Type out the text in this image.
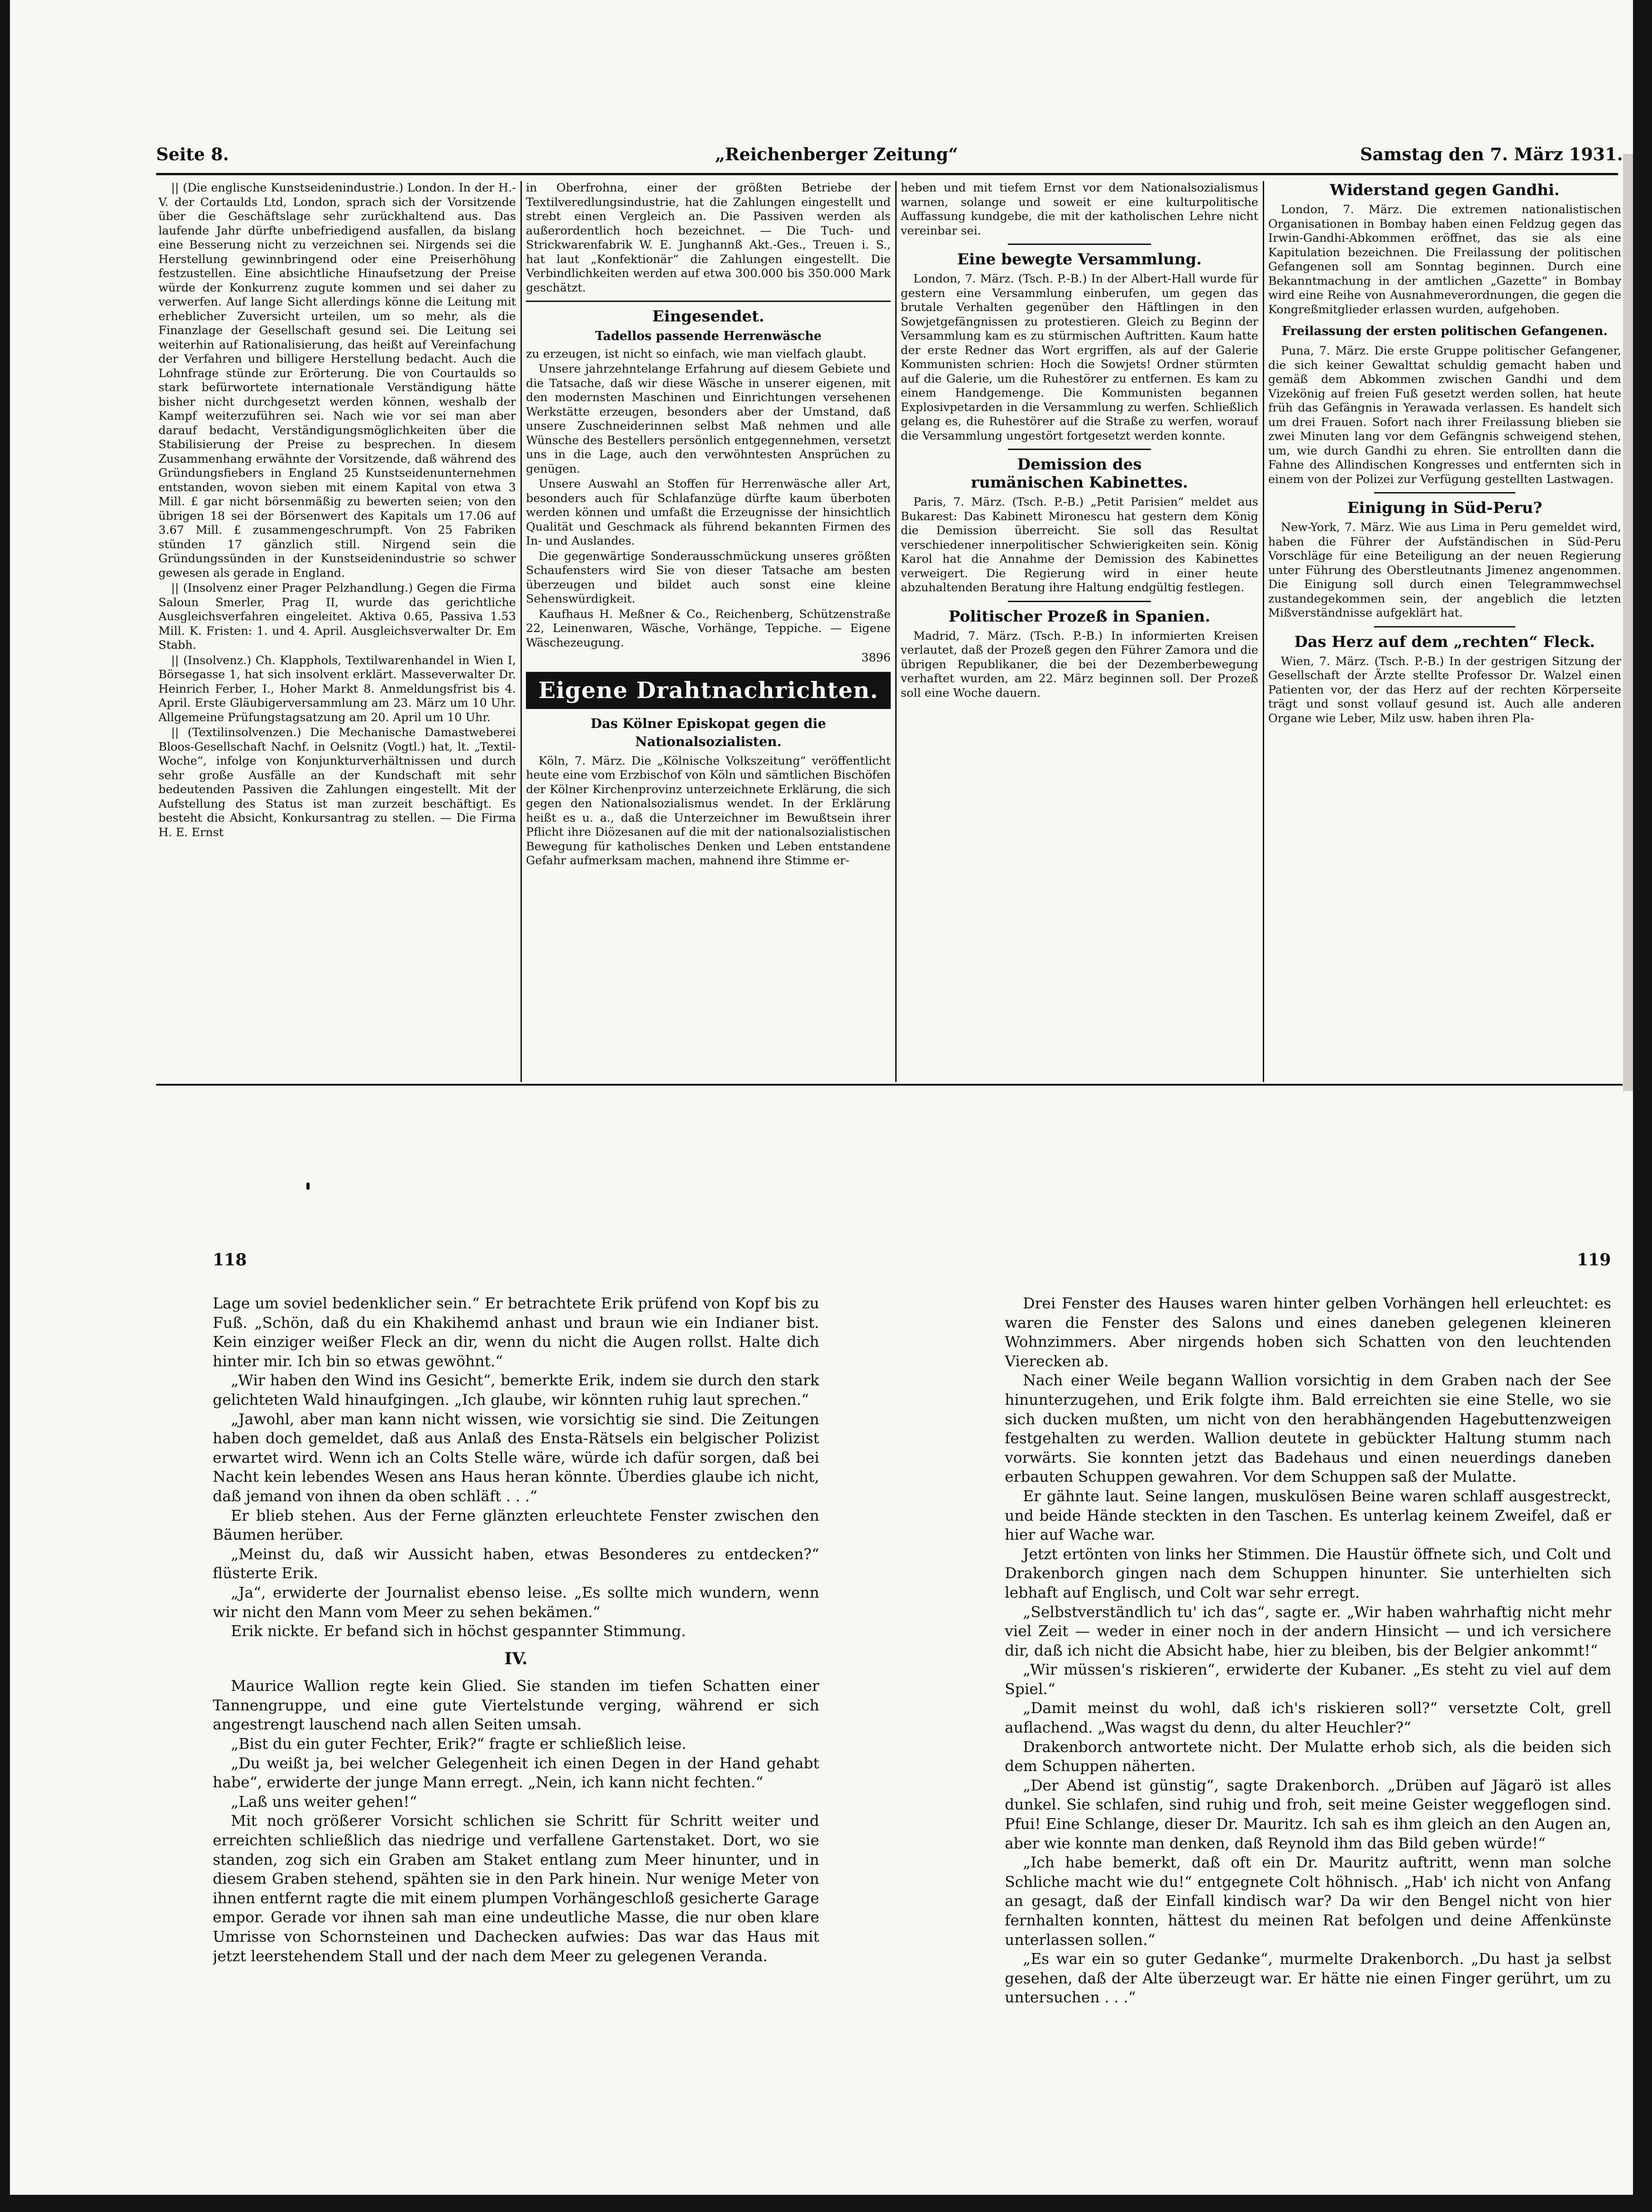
Seite 8.	„Reichenberger Zeitung“	Samstag den 7. März 1931.

|| (Die englische Kunstseidenindustrie.) London. In der H.-V. der Cortaulds Ltd, London, sprach sich der Vorsitzende über die Geschäftslage sehr zurückhaltend aus. Das laufende Jahr dürfte unbefriedigend ausfallen, da bislang eine Besserung nicht zu verzeichnen sei. Nirgends sei die Herstellung gewinnbringend oder eine Preiserhöhung festzustellen. Eine absichtliche Hinaufsetzung der Preise würde der Konkurrenz zugute kommen und sei daher zu verwerfen. Auf lange Sicht allerdings könne die Leitung mit erheblicher Zuversicht urteilen, um so mehr, als die Finanzlage der Gesellschaft gesund sei. Die Leitung sei weiterhin auf Rationalisierung, das heißt auf Vereinfachung der Verfahren und billigere Herstellung bedacht. Auch die Lohnfrage stünde zur Erörterung. Die von Courtaulds so stark befürwortete internationale Verständigung hätte bisher nicht durchgesetzt werden können, weshalb der Kampf weiterzuführen sei. Nach wie vor sei man aber darauf bedacht, Verständigungsmöglichkeiten über die Stabilisierung der Preise zu besprechen. In diesem Zusammenhang erwähnte der Vorsitzende, daß während des Gründungsfiebers in England 25 Kunstseidenunternehmen entstanden, wovon sieben mit einem Kapital von etwa 3 Mill. £ gar nicht börsenmäßig zu bewerten seien; von den übrigen 18 sei der Börsenwert des Kapitals um 17.06 auf 3.67 Mill. £ zusammengeschrumpft. Von 25 Fabriken stünden 17 gänzlich still. Nirgend sein die Gründungssünden in der Kunstseidenindustrie so schwer gewesen als gerade in England.

|| (Insolvenz einer Prager Pelzhandlung.) Gegen die Firma Saloun Smerler, Prag II, wurde das gerichtliche Ausgleichsverfahren eingeleitet. Aktiva 0.65, Passiva 1.53 Mill. K. Fristen: 1. und 4. April. Ausgleichsverwalter Dr. Em Stabh.

|| (Insolvenz.) Ch. Klapphols, Textilwarenhandel in Wien I, Börsegasse 1, hat sich insolvent erklärt. Masseverwalter Dr. Heinrich Ferber, I., Hoher Markt 8. Anmeldungsfrist bis 4. April. Erste Gläubigerversammlung am 23. März um 10 Uhr. Allgemeine Prüfungstagsatzung am 20. April um 10 Uhr.

|| (Textilinsolvenzen.) Die Mechanische Damastweberei Bloos-Gesellschaft Nachf. in Oelsnitz (Vogtl.) hat, lt. „Textil-Woche“, infolge von Konjunkturverhältnissen und durch sehr große Ausfälle an der Kundschaft mit sehr bedeutenden Passiven die Zahlungen eingestellt. Mit der Aufstellung des Status ist man zurzeit beschäftigt. Es besteht die Absicht, Konkursantrag zu stellen. — Die Firma H. E. Ernst

in Oberfrohna, einer der größten Betriebe der Textilveredlungsindustrie, hat die Zahlungen eingestellt und strebt einen Vergleich an. Die Passiven werden als außerordentlich hoch bezeichnet. — Die Tuch- und Strickwarenfabrik W. E. Junghannß Akt.-Ges., Treuen i. S., hat laut „Konfektionär“ die Zahlungen eingestellt. Die Verbindlichkeiten werden auf etwa 300.000 bis 350.000 Mark geschätzt.

Eingesendet.
Tadellos passende Herrenwäsche

zu erzeugen, ist nicht so einfach, wie man vielfach glaubt.

Unsere jahrzehntelange Erfahrung auf diesem Gebiete und die Tatsache, daß wir diese Wäsche in unserer eigenen, mit den modernsten Maschinen und Einrichtungen versehenen Werkstätte erzeugen, besonders aber der Umstand, daß unsere Zuschneiderinnen selbst Maß nehmen und alle Wünsche des Bestellers persönlich entgegennehmen, versetzt uns in die Lage, auch den verwöhntesten Ansprüchen zu genügen.

Unsere Auswahl an Stoffen für Herrenwäsche aller Art, besonders auch für Schlafanzüge dürfte kaum überboten werden können und umfaßt die Erzeugnisse der hinsichtlich Qualität und Geschmack als führend bekannten Firmen des In- und Auslandes.

Die gegenwärtige Sonderausschmückung unseres größten Schaufensters wird Sie von dieser Tatsache am besten überzeugen und bildet auch sonst eine kleine Sehenswürdigkeit.

Kaufhaus H. Meßner & Co., Reichenberg, Schützenstraße 22, Leinenwaren, Wäsche, Vorhänge, Teppiche. — Eigene Wäschezeugung.

3896
Eigene Drahtnachrichten.
Das Kölner Episkopat gegen die Nationalsozialisten.

Köln, 7. März. Die „Kölnische Volkszeitung“ veröffentlicht heute eine vom Erzbischof von Köln und sämtlichen Bischöfen der Kölner Kirchenprovinz unterzeichnete Erklärung, die sich gegen den Nationalsozialismus wendet. In der Erklärung heißt es u. a., daß die Unterzeichner im Bewußtsein ihrer Pflicht ihre Diözesanen auf die mit der nationalsozialistischen Bewegung für katholisches Denken und Leben entstandene Gefahr aufmerksam machen, mahnend ihre Stimme er-

heben und mit tiefem Ernst vor dem Nationalsozialismus warnen, solange und soweit er eine kulturpolitische Auffassung kundgebe, die mit der katholischen Lehre nicht vereinbar sei.

Eine bewegte Versammlung.

London, 7. März. (Tsch. P.-B.) In der Albert-Hall wurde für gestern eine Versammlung einberufen, um gegen das brutale Verhalten gegenüber den Häftlingen in den Sowjetgefängnissen zu protestieren. Gleich zu Beginn der Versammlung kam es zu stürmischen Auftritten. Kaum hatte der erste Redner das Wort ergriffen, als auf der Galerie Kommunisten schrien: Hoch die Sowjets! Ordner stürmten auf die Galerie, um die Ruhestörer zu entfernen. Es kam zu einem Handgemenge. Die Kommunisten begannen Explosivpetarden in die Versammlung zu werfen. Schließlich gelang es, die Ruhestörer auf die Straße zu werfen, worauf die Versammlung ungestört fortgesetzt werden konnte.

Demission des
rumänischen Kabinettes.

Paris, 7. März. (Tsch. P.-B.) „Petit Parisien“ meldet aus Bukarest: Das Kabinett Mironescu hat gestern dem König die Demission überreicht. Sie soll das Resultat verschiedener innerpolitischer Schwierigkeiten sein. König Karol hat die Annahme der Demission des Kabinettes verweigert. Die Regierung wird in einer heute abzuhaltenden Beratung ihre Haltung endgültig festlegen.

Politischer Prozeß in Spanien.

Madrid, 7. März. (Tsch. P.-B.) In informierten Kreisen verlautet, daß der Prozeß gegen den Führer Zamora und die übrigen Republikaner, die bei der Dezemberbewegung verhaftet wurden, am 22. März beginnen soll. Der Prozeß soll eine Woche dauern.

Widerstand gegen Gandhi.

London, 7. März. Die extremen nationalistischen Organisationen in Bombay haben einen Feldzug gegen das Irwin-Gandhi-Abkommen eröffnet, das sie als eine Kapitulation bezeichnen. Die Freilassung der politischen Gefangenen soll am Sonntag beginnen. Durch eine Bekanntmachung in der amtlichen „Gazette“ in Bombay wird eine Reihe von Ausnahmeverordnungen, die gegen die Kongreßmitglieder erlassen wurden, aufgehoben.

Freilassung der ersten politischen Gefangenen.

Puna, 7. März. Die erste Gruppe politischer Gefangener, die sich keiner Gewalttat schuldig gemacht haben und gemäß dem Abkommen zwischen Gandhi und dem Vizekönig auf freien Fuß gesetzt werden sollen, hat heute früh das Gefängnis in Yerawada verlassen. Es handelt sich um drei Frauen. Sofort nach ihrer Freilassung blieben sie zwei Minuten lang vor dem Gefängnis schweigend stehen, um, wie durch Gandhi zu ehren. Sie entrollten dann die Fahne des Allindischen Kongresses und entfernten sich in einem von der Polizei zur Verfügung gestellten Lastwagen.

Einigung in Süd-Peru?

New-York, 7. März. Wie aus Lima in Peru gemeldet wird, haben die Führer der Aufständischen in Süd-Peru Vorschläge für eine Beteiligung an der neuen Regierung unter Führung des Oberstleutnants Jimenez angenommen. Die Einigung soll durch einen Telegrammwechsel zustandegekommen sein, der angeblich die letzten Mißverständnisse aufgeklärt hat.

Das Herz auf dem „rechten“ Fleck.

Wien, 7. März. (Tsch. P.-B.) In der gestrigen Sitzung der Gesellschaft der Ärzte stellte Professor Dr. Walzel einen Patienten vor, der das Herz auf der rechten Körperseite trägt und sonst vollauf gesund ist. Auch alle anderen Organe wie Leber, Milz usw. haben ihren Pla-

118	119

Lage um soviel bedenklicher sein.“ Er betrachtete Erik prüfend von Kopf bis zu Fuß. „Schön, daß du ein Khakihemd anhast und braun wie ein Indianer bist. Kein einziger weißer Fleck an dir, wenn du nicht die Augen rollst. Halte dich hinter mir. Ich bin so etwas gewöhnt.“

„Wir haben den Wind ins Gesicht“, bemerkte Erik, indem sie durch den stark gelichteten Wald hinaufgingen. „Ich glaube, wir könnten ruhig laut sprechen.“

„Jawohl, aber man kann nicht wissen, wie vorsichtig sie sind. Die Zeitungen haben doch gemeldet, daß aus Anlaß des Ensta-Rätsels ein belgischer Polizist erwartet wird. Wenn ich an Colts Stelle wäre, würde ich dafür sorgen, daß bei Nacht kein lebendes Wesen ans Haus heran könnte. Überdies glaube ich nicht, daß jemand von ihnen da oben schläft . . .“

Er blieb stehen. Aus der Ferne glänzten erleuchtete Fenster zwischen den Bäumen herüber.

„Meinst du, daß wir Aussicht haben, etwas Besonderes zu entdecken?“ flüsterte Erik.

„Ja“, erwiderte der Journalist ebenso leise. „Es sollte mich wundern, wenn wir nicht den Mann vom Meer zu sehen bekämen.“

Erik nickte. Er befand sich in höchst gespannter Stimmung.

IV.

Maurice Wallion regte kein Glied. Sie standen im tiefen Schatten einer Tannengruppe, und eine gute Viertelstunde verging, während er sich angestrengt lauschend nach allen Seiten umsah.

„Bist du ein guter Fechter, Erik?“ fragte er schließlich leise.

„Du weißt ja, bei welcher Gelegenheit ich einen Degen in der Hand gehabt habe“, erwiderte der junge Mann erregt. „Nein, ich kann nicht fechten.“

„Laß uns weiter gehen!“

Mit noch größerer Vorsicht schlichen sie Schritt für Schritt weiter und erreichten schließlich das niedrige und verfallene Gartenstaket. Dort, wo sie standen, zog sich ein Graben am Staket entlang zum Meer hinunter, und in diesem Graben stehend, spähten sie in den Park hinein. Nur wenige Meter von ihnen entfernt ragte die mit einem plumpen Vorhängeschloß gesicherte Garage empor. Gerade vor ihnen sah man eine undeutliche Masse, die nur oben klare Umrisse von Schornsteinen und Dachecken aufwies: Das war das Haus mit jetzt leerstehendem Stall und der nach dem Meer zu gelegenen Veranda.

Drei Fenster des Hauses waren hinter gelben Vorhängen hell erleuchtet: es waren die Fenster des Salons und eines daneben gelegenen kleineren Wohnzimmers. Aber nirgends hoben sich Schatten von den leuchtenden Vierecken ab.

Nach einer Weile begann Wallion vorsichtig in dem Graben nach der See hinunterzugehen, und Erik folgte ihm. Bald erreichten sie eine Stelle, wo sie sich ducken mußten, um nicht von den herabhängenden Hagebuttenzweigen festgehalten zu werden. Wallion deutete in gebückter Haltung stumm nach vorwärts. Sie konnten jetzt das Badehaus und einen neuerdings daneben erbauten Schuppen gewahren. Vor dem Schuppen saß der Mulatte.

Er gähnte laut. Seine langen, muskulösen Beine waren schlaff ausgestreckt, und beide Hände steckten in den Taschen. Es unterlag keinem Zweifel, daß er hier auf Wache war.

Jetzt ertönten von links her Stimmen. Die Haustür öffnete sich, und Colt und Drakenborch gingen nach dem Schuppen hinunter. Sie unterhielten sich lebhaft auf Englisch, und Colt war sehr erregt.

„Selbstverständlich tu' ich das“, sagte er. „Wir haben wahrhaftig nicht mehr viel Zeit — weder in einer noch in der andern Hinsicht — und ich versichere dir, daß ich nicht die Absicht habe, hier zu bleiben, bis der Belgier ankommt!“

„Wir müssen's riskieren“, erwiderte der Kubaner. „Es steht zu viel auf dem Spiel.“

„Damit meinst du wohl, daß ich's riskieren soll?“ versetzte Colt, grell auflachend. „Was wagst du denn, du alter Heuchler?“

Drakenborch antwortete nicht. Der Mulatte erhob sich, als die beiden sich dem Schuppen näherten.

„Der Abend ist günstig“, sagte Drakenborch. „Drüben auf Jägarö ist alles dunkel. Sie schlafen, sind ruhig und froh, seit meine Geister weggeflogen sind. Pfui! Eine Schlange, dieser Dr. Mauritz. Ich sah es ihm gleich an den Augen an, aber wie konnte man denken, daß Reynold ihm das Bild geben würde!“

„Ich habe bemerkt, daß oft ein Dr. Mauritz auftritt, wenn man solche Schliche macht wie du!“ entgegnete Colt höhnisch. „Hab' ich nicht von Anfang an gesagt, daß der Einfall kindisch war? Da wir den Bengel nicht von hier fernhalten konnten, hättest du meinen Rat befolgen und deine Affenkünste unterlassen sollen.“

„Es war ein so guter Gedanke“, murmelte Drakenborch. „Du hast ja selbst gesehen, daß der Alte überzeugt war. Er hätte nie einen Finger gerührt, um zu untersuchen . . .“
